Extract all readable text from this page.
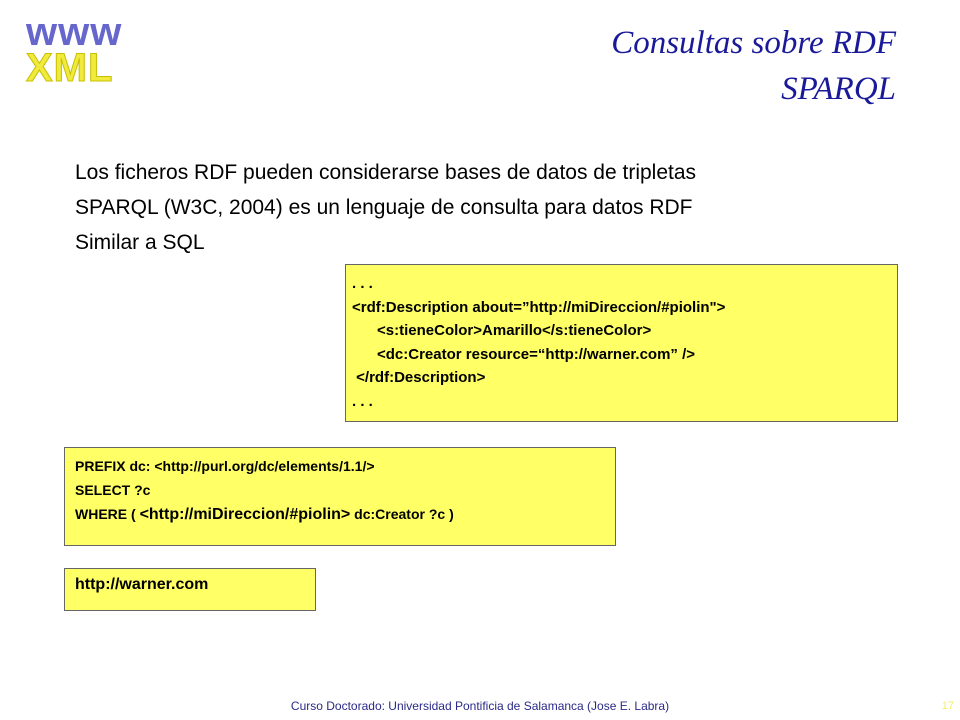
www
XML
Consultas sobre RDF
SPARQL
Los ficheros RDF pueden considerarse bases de datos de tripletas
SPARQL (W3C, 2004) es un lenguaje de consulta para datos RDF
Similar a SQL
. . .
<rdf:Description about=”http://miDireccion/#piolin">
<s:tieneColor>Amarillo</s:tieneColor>
<dc:Creator resource=“http://warner.com” />
</rdf:Description>
. . .
PREFIX dc: <http://purl.org/dc/elements/1.1/>
SELECT ?c
WHERE ( <http://miDireccion/#piolin> dc:Creator ?c )
http://warner.com
Curso Doctorado: Universidad Pontificia de Salamanca (Jose E. Labra)	17
